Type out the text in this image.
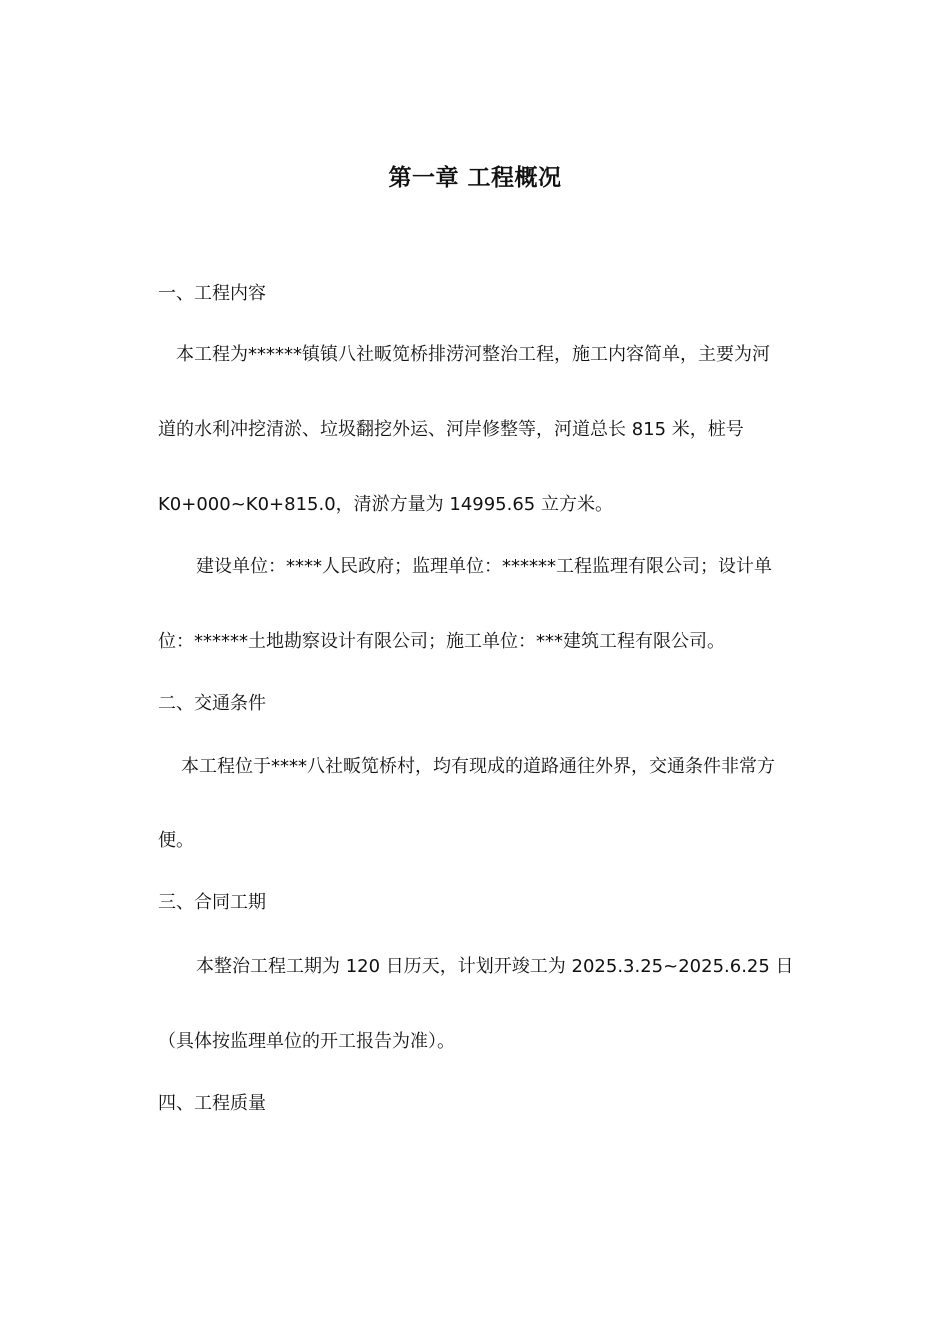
第一章 工程概况
一、工程内容
本工程为******镇镇八社畈笕桥排涝河整治工程，施工内容简单，主要为河
道的水利冲挖清淤、垃圾翻挖外运、河岸修整等，河道总长 815 米，桩号
K0+000~K0+815.0，清淤方量为 14995.65 立方米。
建设单位：****人民政府；监理单位：******工程监理有限公司；设计单
位：******土地勘察设计有限公司；施工单位：***建筑工程有限公司。
二、交通条件
本工程位于****八社畈笕桥村，均有现成的道路通往外界，交通条件非常方
便。
三、合同工期
本整治工程工期为 120 日历天，计划开竣工为 2025.3.25~2025.6.25 日
（具体按监理单位的开工报告为准）。
四、工程质量
